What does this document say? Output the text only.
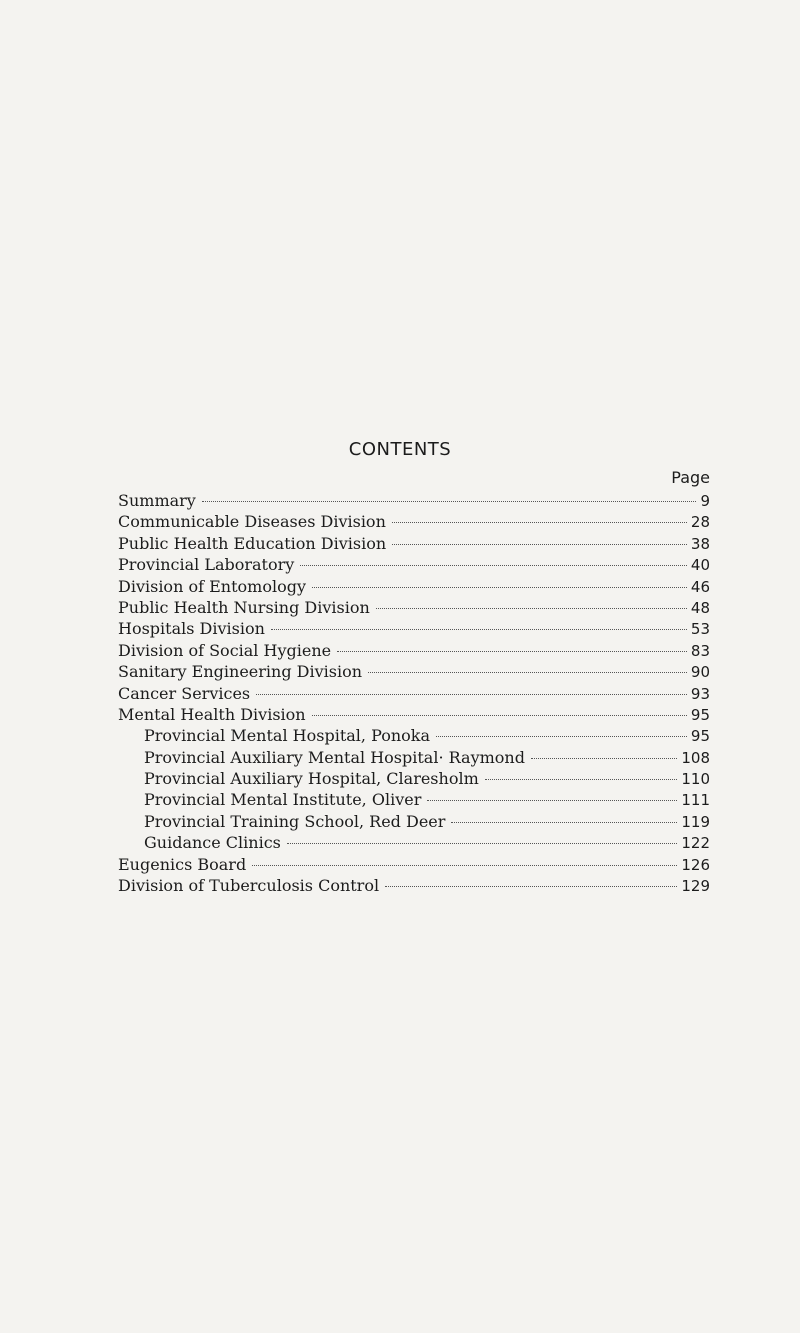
CONTENTS
Page
Summary	9
Communicable Diseases Division	28
Public Health Education Division	38
Provincial Laboratory	40
Division of Entomology	46
Public Health Nursing Division	48
Hospitals Division	53
Division of Social Hygiene	83
Sanitary Engineering Division	90
Cancer Services	93
Mental Health Division	95
Provincial Mental Hospital, Ponoka	95
Provincial Auxiliary Mental Hospital· Raymond	108
Provincial Auxiliary Hospital, Claresholm	110
Provincial Mental Institute, Oliver	111
Provincial Training School, Red Deer	119
Guidance Clinics	122
Eugenics Board	126
Division of Tuberculosis Control	129
